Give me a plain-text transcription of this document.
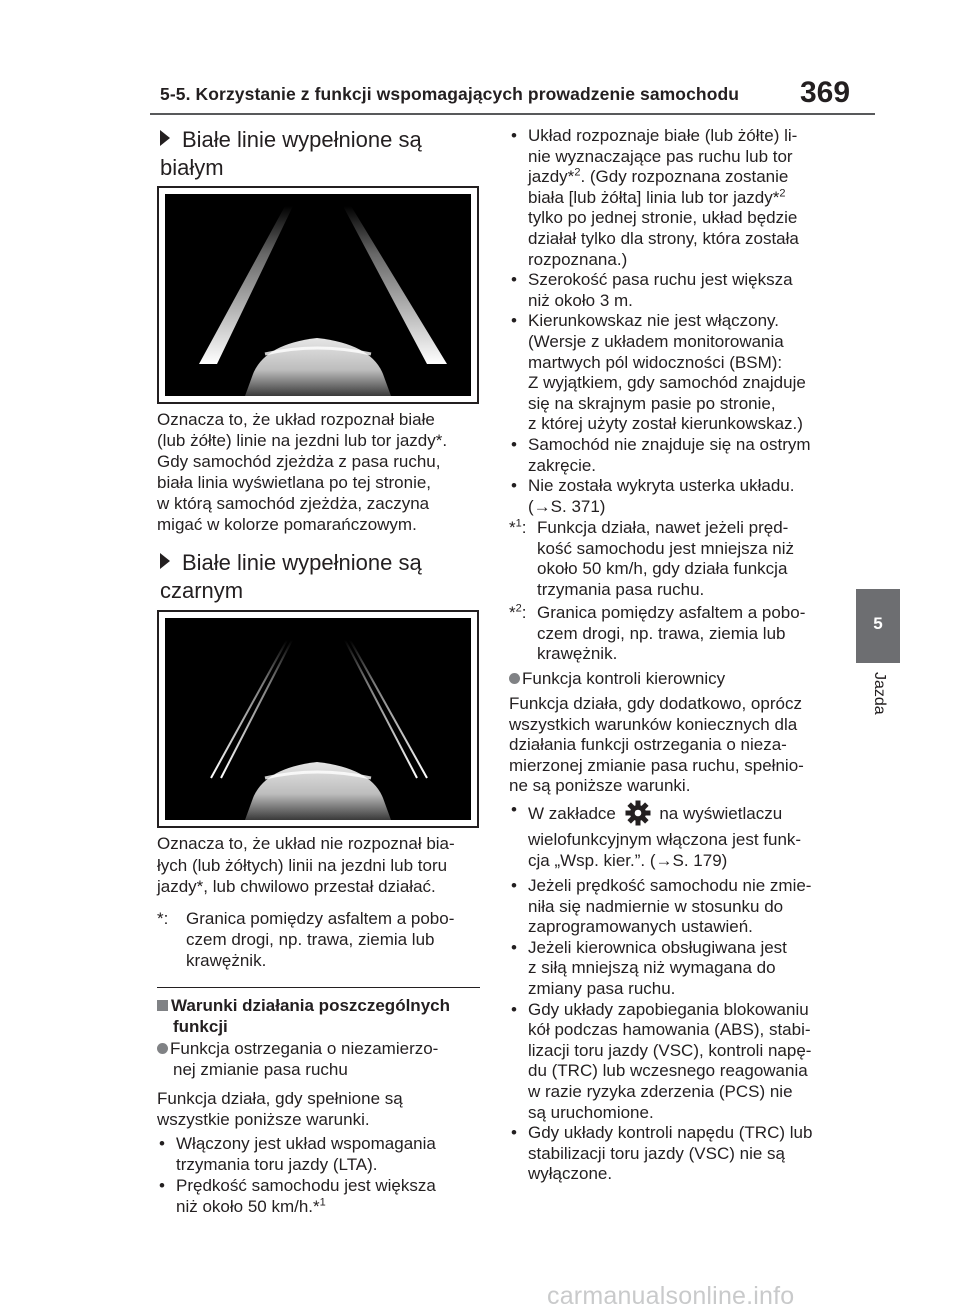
5-5. Korzystanie z funkcji wspomagających prowadzenie samochodu 369
5
Jazda
Białe linie wypełnione są białym
Oznacza to, że układ rozpoznał białe
(lub żółte) linie na jezdni lub tor jazdy*.
Gdy samochód zjeżdża z pasa ruchu,
biała linia wyświetlana po tej stronie,
w którą samochód zjeżdża, zaczyna
migać w kolorze pomarańczowym.
Białe linie wypełnione są czarnym
Oznacza to, że układ nie rozpoznał bia-
łych (lub żółtych) linii na jezdni lub toru
jazdy*, lub chwilowo przestał działać.
*: Granica pomiędzy asfaltem a pobo-
czem drogi, np. trawa, ziemia lub
krawężnik.
Warunki działania poszczególnych
funkcji
Funkcja ostrzegania o niezamierzo-
nej zmianie pasa ruchu
Funkcja działa, gdy spełnione są
wszystkie poniższe warunki.
• Włączony jest układ wspomagania
trzymania toru jazdy (LTA).
• Prędkość samochodu jest większa
niż około 50 km/h.*$^1$
• Układ rozpoznaje białe (lub żółte) li-
nie wyznaczające pas ruchu lub tor
jazdy*$^2$. (Gdy rozpoznana zostanie
biała [lub żółta] linia lub tor jazdy*$^2$
tylko po jednej stronie, układ będzie
działał tylko dla strony, która została
rozpoznana.)
• Szerokość pasa ruchu jest większa
niż około 3 m.
• Kierunkowskaz nie jest włączony.
(Wersje z układem monitorowania
martwych pól widoczności (BSM):
Z wyjątkiem, gdy samochód znajduje
się na skrajnym pasie po stronie,
z której użyty został kierunkowskaz.)
• Samochód nie znajduje się na ostrym
zakręcie.
• Nie została wykryta usterka układu.
(→S. 371)
*$^1$: Funkcja działa, nawet jeżeli pręd-
kość samochodu jest mniejsza niż
około 50 km/h, gdy działa funkcja
trzymania pasa ruchu.
*$^2$: Granica pomiędzy asfaltem a pobo-
czem drogi, np. trawa, ziemia lub
krawężnik.
Funkcja kontroli kierownicy
Funkcja działa, gdy dodatkowo, oprócz
wszystkich warunków koniecznych dla
działania funkcji ostrzegania o nieza-
mierzonej zmianie pasa ruchu, spełnio-
ne są poniższe warunki.
• W zakładce	na wyświetlaczu
wielofunkcyjnym włączona jest funk-
cja „Wsp. kier.”. (→S. 179)
• Jeżeli prędkość samochodu nie zmie-
niła się nadmiernie w stosunku do
zaprogramowanych ustawień.
• Jeżeli kierownica obsługiwana jest
z siłą mniejszą niż wymagana do
zmiany pasa ruchu.
• Gdy układy zapobiegania blokowaniu
kół podczas hamowania (ABS), stabi-
lizacji toru jazdy (VSC), kontroli napę-
du (TRC) lub wczesnego reagowania
w razie ryzyka zderzenia (PCS) nie
są uruchomione.
• Gdy układy kontroli napędu (TRC) lub
stabilizacji toru jazdy (VSC) nie są
wyłączone.
carmanualsonline.info
